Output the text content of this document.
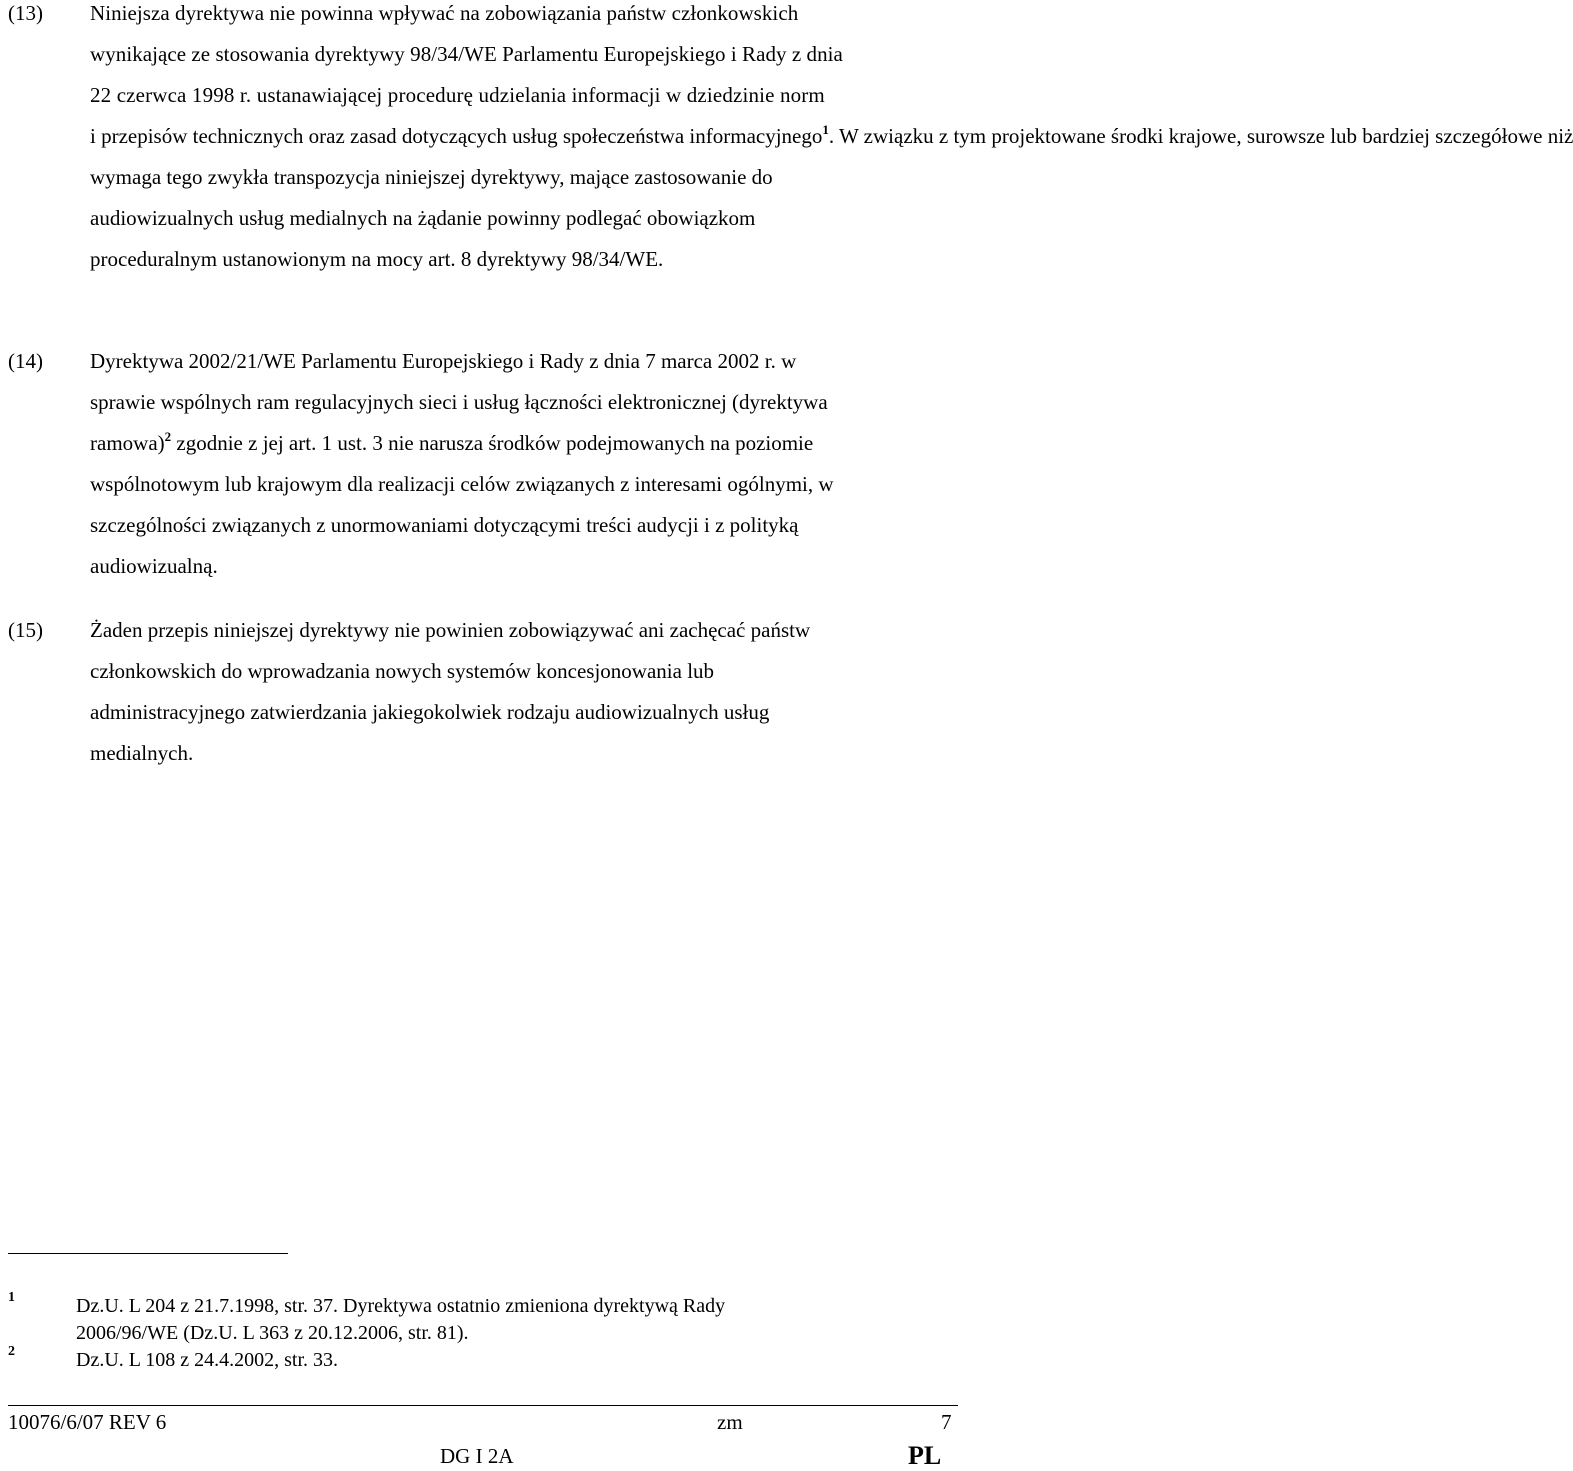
(13) Niniejsza dyrektywa nie powinna wpływać na zobowiązania państw członkowskich
wynikające ze stosowania dyrektywy 98/34/WE Parlamentu Europejskiego i Rady z dnia
22 czerwca 1998 r. ustanawiającej procedurę udzielania informacji w dziedzinie norm
i przepisów technicznych oraz zasad dotyczących usług społeczeństwa informacyjnego$^1$. W związku z tym projektowane środki krajowe, surowsze lub bardziej szczegółowe niż
wymaga tego zwykła transpozycja niniejszej dyrektywy, mające zastosowanie do
audiowizualnych usług medialnych na żądanie powinny podlegać obowiązkom
proceduralnym ustanowionym na mocy art. 8 dyrektywy 98/34/WE.
(14) Dyrektywa 2002/21/WE Parlamentu Europejskiego i Rady z dnia 7 marca 2002 r. w
sprawie wspólnych ram regulacyjnych sieci i usług łączności elektronicznej (dyrektywa
ramowa)$^2$ zgodnie z jej art. 1 ust. 3 nie narusza środków podejmowanych na poziomie
wspólnotowym lub krajowym dla realizacji celów związanych z interesami ogólnymi, w
szczególności związanych z unormowaniami dotyczącymi treści audycji i z polityką
audiowizualną.
(15) Żaden przepis niniejszej dyrektywy nie powinien zobowiązywać ani zachęcać państw
członkowskich do wprowadzania nowych systemów koncesjonowania lub
administracyjnego zatwierdzania jakiegokolwiek rodzaju audiowizualnych usług
medialnych.
1	Dz.U. L 204 z 21.7.1998, str. 37. Dyrektywa ostatnio zmieniona dyrektywą Rady
2006/96/WE (Dz.U. L 363 z 20.12.2006, str. 81).
2	Dz.U. L 108 z 24.4.2002, str. 33.
10076/6/07 REV 6	zm	7
DG I 2A	PL
